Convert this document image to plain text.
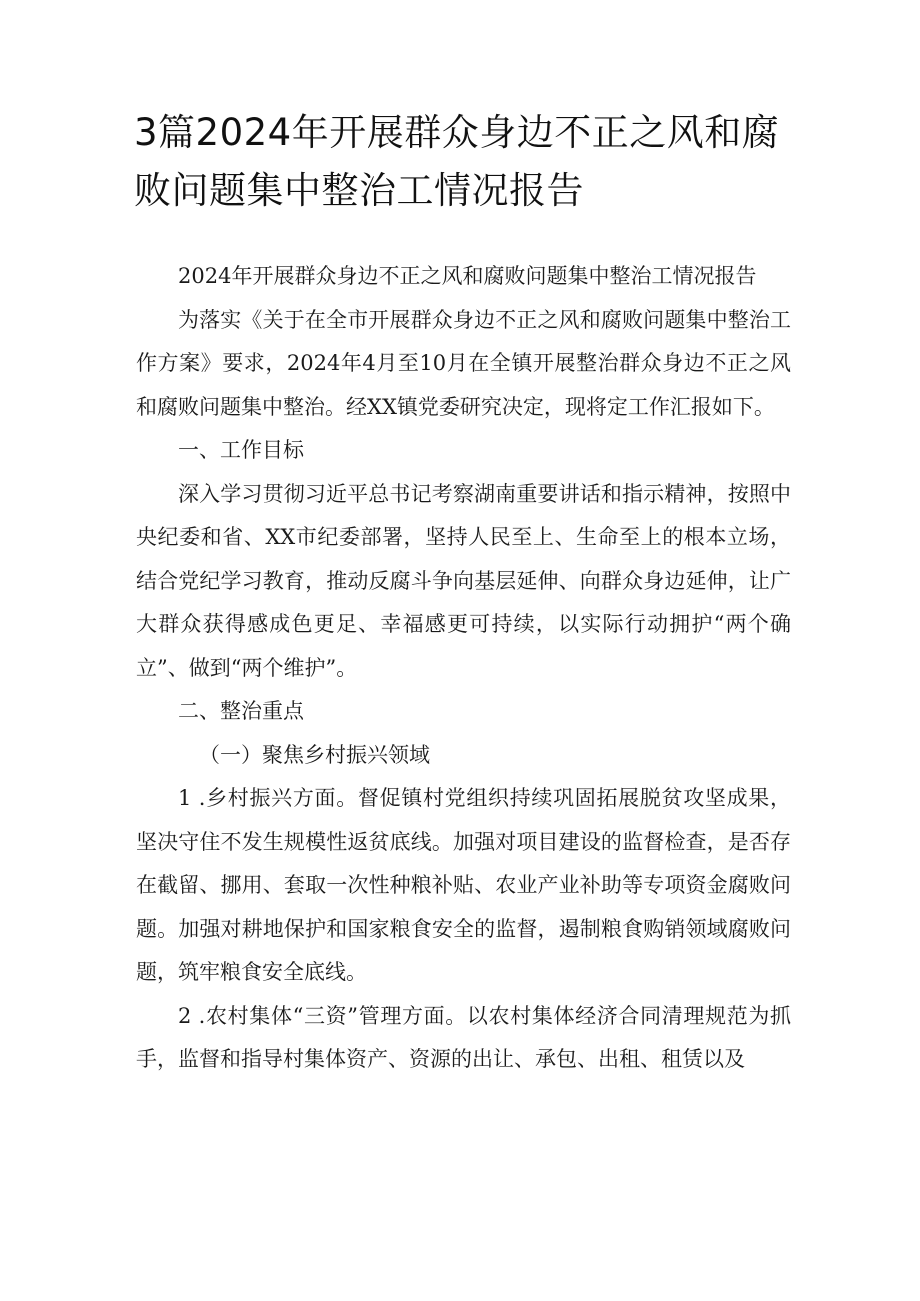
3篇2024年开展群众身边不正之风和腐败问题集中整治工情况报告

2024年开展群众身边不正之风和腐败问题集中整治工情况报告

为落实《关于在全市开展群众身边不正之风和腐败问题集中整治工作方案》要求，2024年4月至10月在全镇开展整治群众身边不正之风和腐败问题集中整治。经XX镇党委研究决定，现将定工作汇报如下。

一、工作目标

深入学习贯彻习近平总书记考察湖南重要讲话和指示精神，按照中央纪委和省、XX市纪委部署，坚持人民至上、生命至上的根本立场，结合党纪学习教育，推动反腐斗争向基层延伸、向群众身边延伸，让广大群众获得感成色更足、幸福感更可持续，以实际行动拥护“两个确立”、做到“两个维护”。

二、整治重点

（一）聚焦乡村振兴领域

1 .乡村振兴方面。督促镇村党组织持续巩固拓展脱贫攻坚成果，坚决守住不发生规模性返贫底线。加强对项目建设的监督检查，是否存在截留、挪用、套取一次性种粮补贴、农业产业补助等专项资金腐败问题。加强对耕地保护和国家粮食安全的监督，遏制粮食购销领域腐败问题，筑牢粮食安全底线。

2 .农村集体“三资”管理方面。以农村集体经济合同清理规范为抓手，监督和指导村集体资产、资源的出让、承包、出租、租赁以及
